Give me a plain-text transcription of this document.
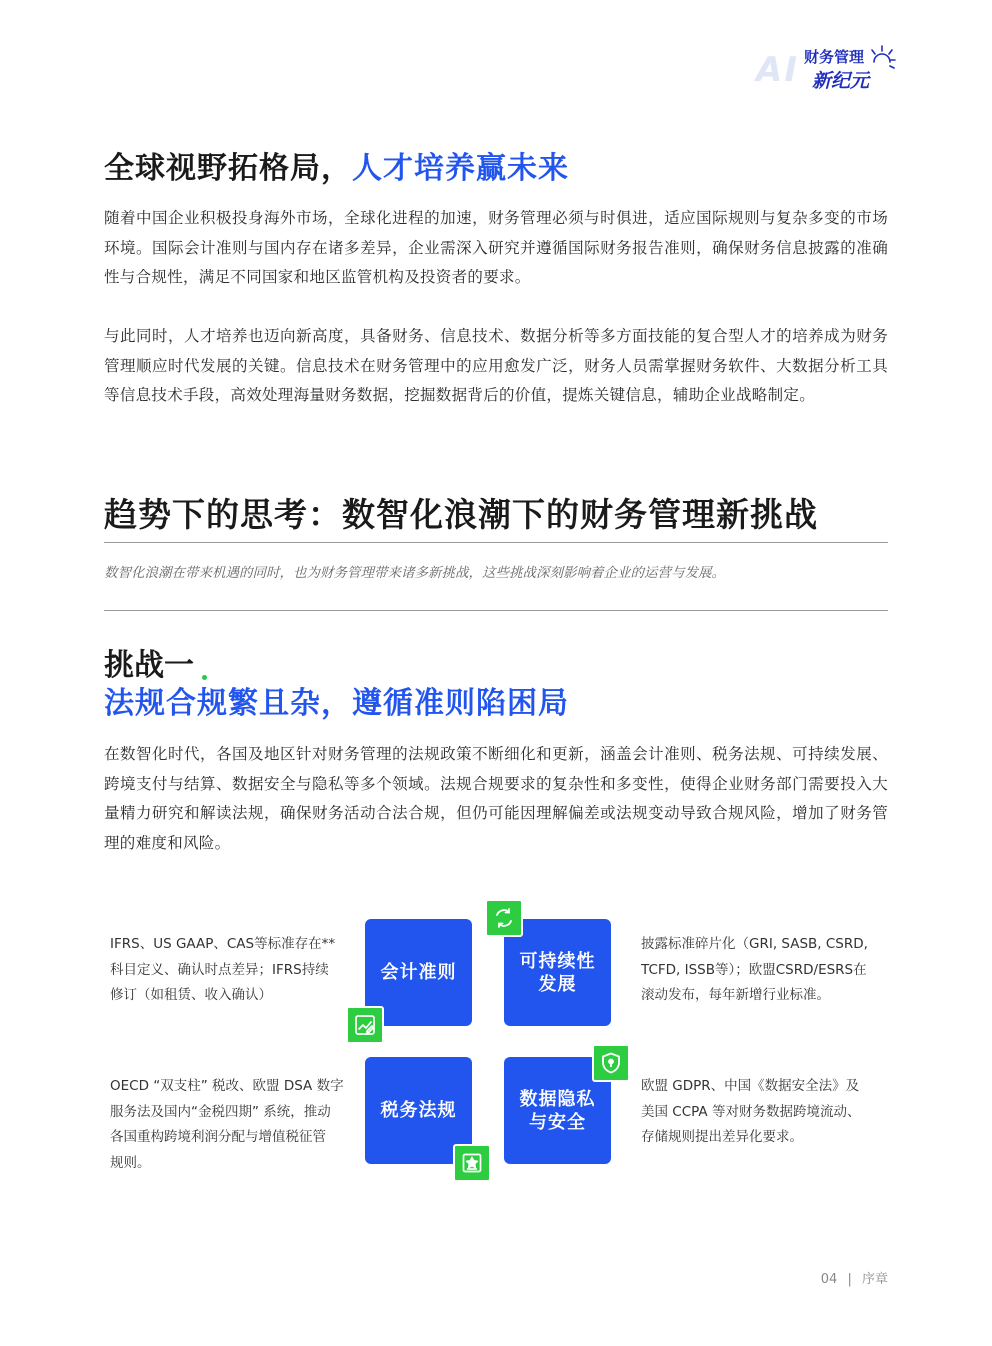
AI 财务管理
新纪元
全球视野拓格局，人才培养赢未来

随着中国企业积极投身海外市场，全球化进程的加速，财务管理必须与时俱进，适应国际规则与复杂多变的市场环境。国际会计准则与国内存在诸多差异，企业需深入研究并遵循国际财务报告准则，确保财务信息披露的准确性与合规性，满足不同国家和地区监管机构及投资者的要求。

与此同时，人才培养也迈向新高度，具备财务、信息技术、数据分析等多方面技能的复合型人才的培养成为财务管理顺应时代发展的关键。信息技术在财务管理中的应用愈发广泛，财务人员需掌握财务软件、大数据分析工具等信息技术手段，高效处理海量财务数据，挖掘数据背后的价值，提炼关键信息，辅助企业战略制定。

趋势下的思考：数智化浪潮下的财务管理新挑战
数智化浪潮在带来机遇的同时，也为财务管理带来诸多新挑战，这些挑战深刻影响着企业的运营与发展。
挑战一
法规合规繁且杂，遵循准则陷困局

在数智化时代，各国及地区针对财务管理的法规政策不断细化和更新，涵盖会计准则、税务法规、可持续发展、跨境支付与结算、数据安全与隐私等多个领域。法规合规要求的复杂性和多变性，使得企业财务部门需要投入大量精力研究和解读法规，确保财务活动合法合规，但仍可能因理解偏差或法规变动导致合规风险，增加了财务管理的难度和风险。

会计准则
可持续性发展
税务法规
数据隐私与安全
IFRS、US GAAP、CAS等标准存在**
科目定义、确认时点差异；IFRS持续
修订（如租赁、收入确认）
披露标准碎片化（GRI, SASB, CSRD,
TCFD, ISSB等）；欧盟CSRD/ESRS在
滚动发布，每年新增行业标准。
OECD “双支柱” 税改、欧盟 DSA 数字
服务法及国内“金税四期” 系统，推动
各国重构跨境利润分配与增值税征管
规则。
欧盟 GDPR、中国《数据安全法》及
美国 CCPA 等对财务数据跨境流动、
存储规则提出差异化要求。
04 | 序章
